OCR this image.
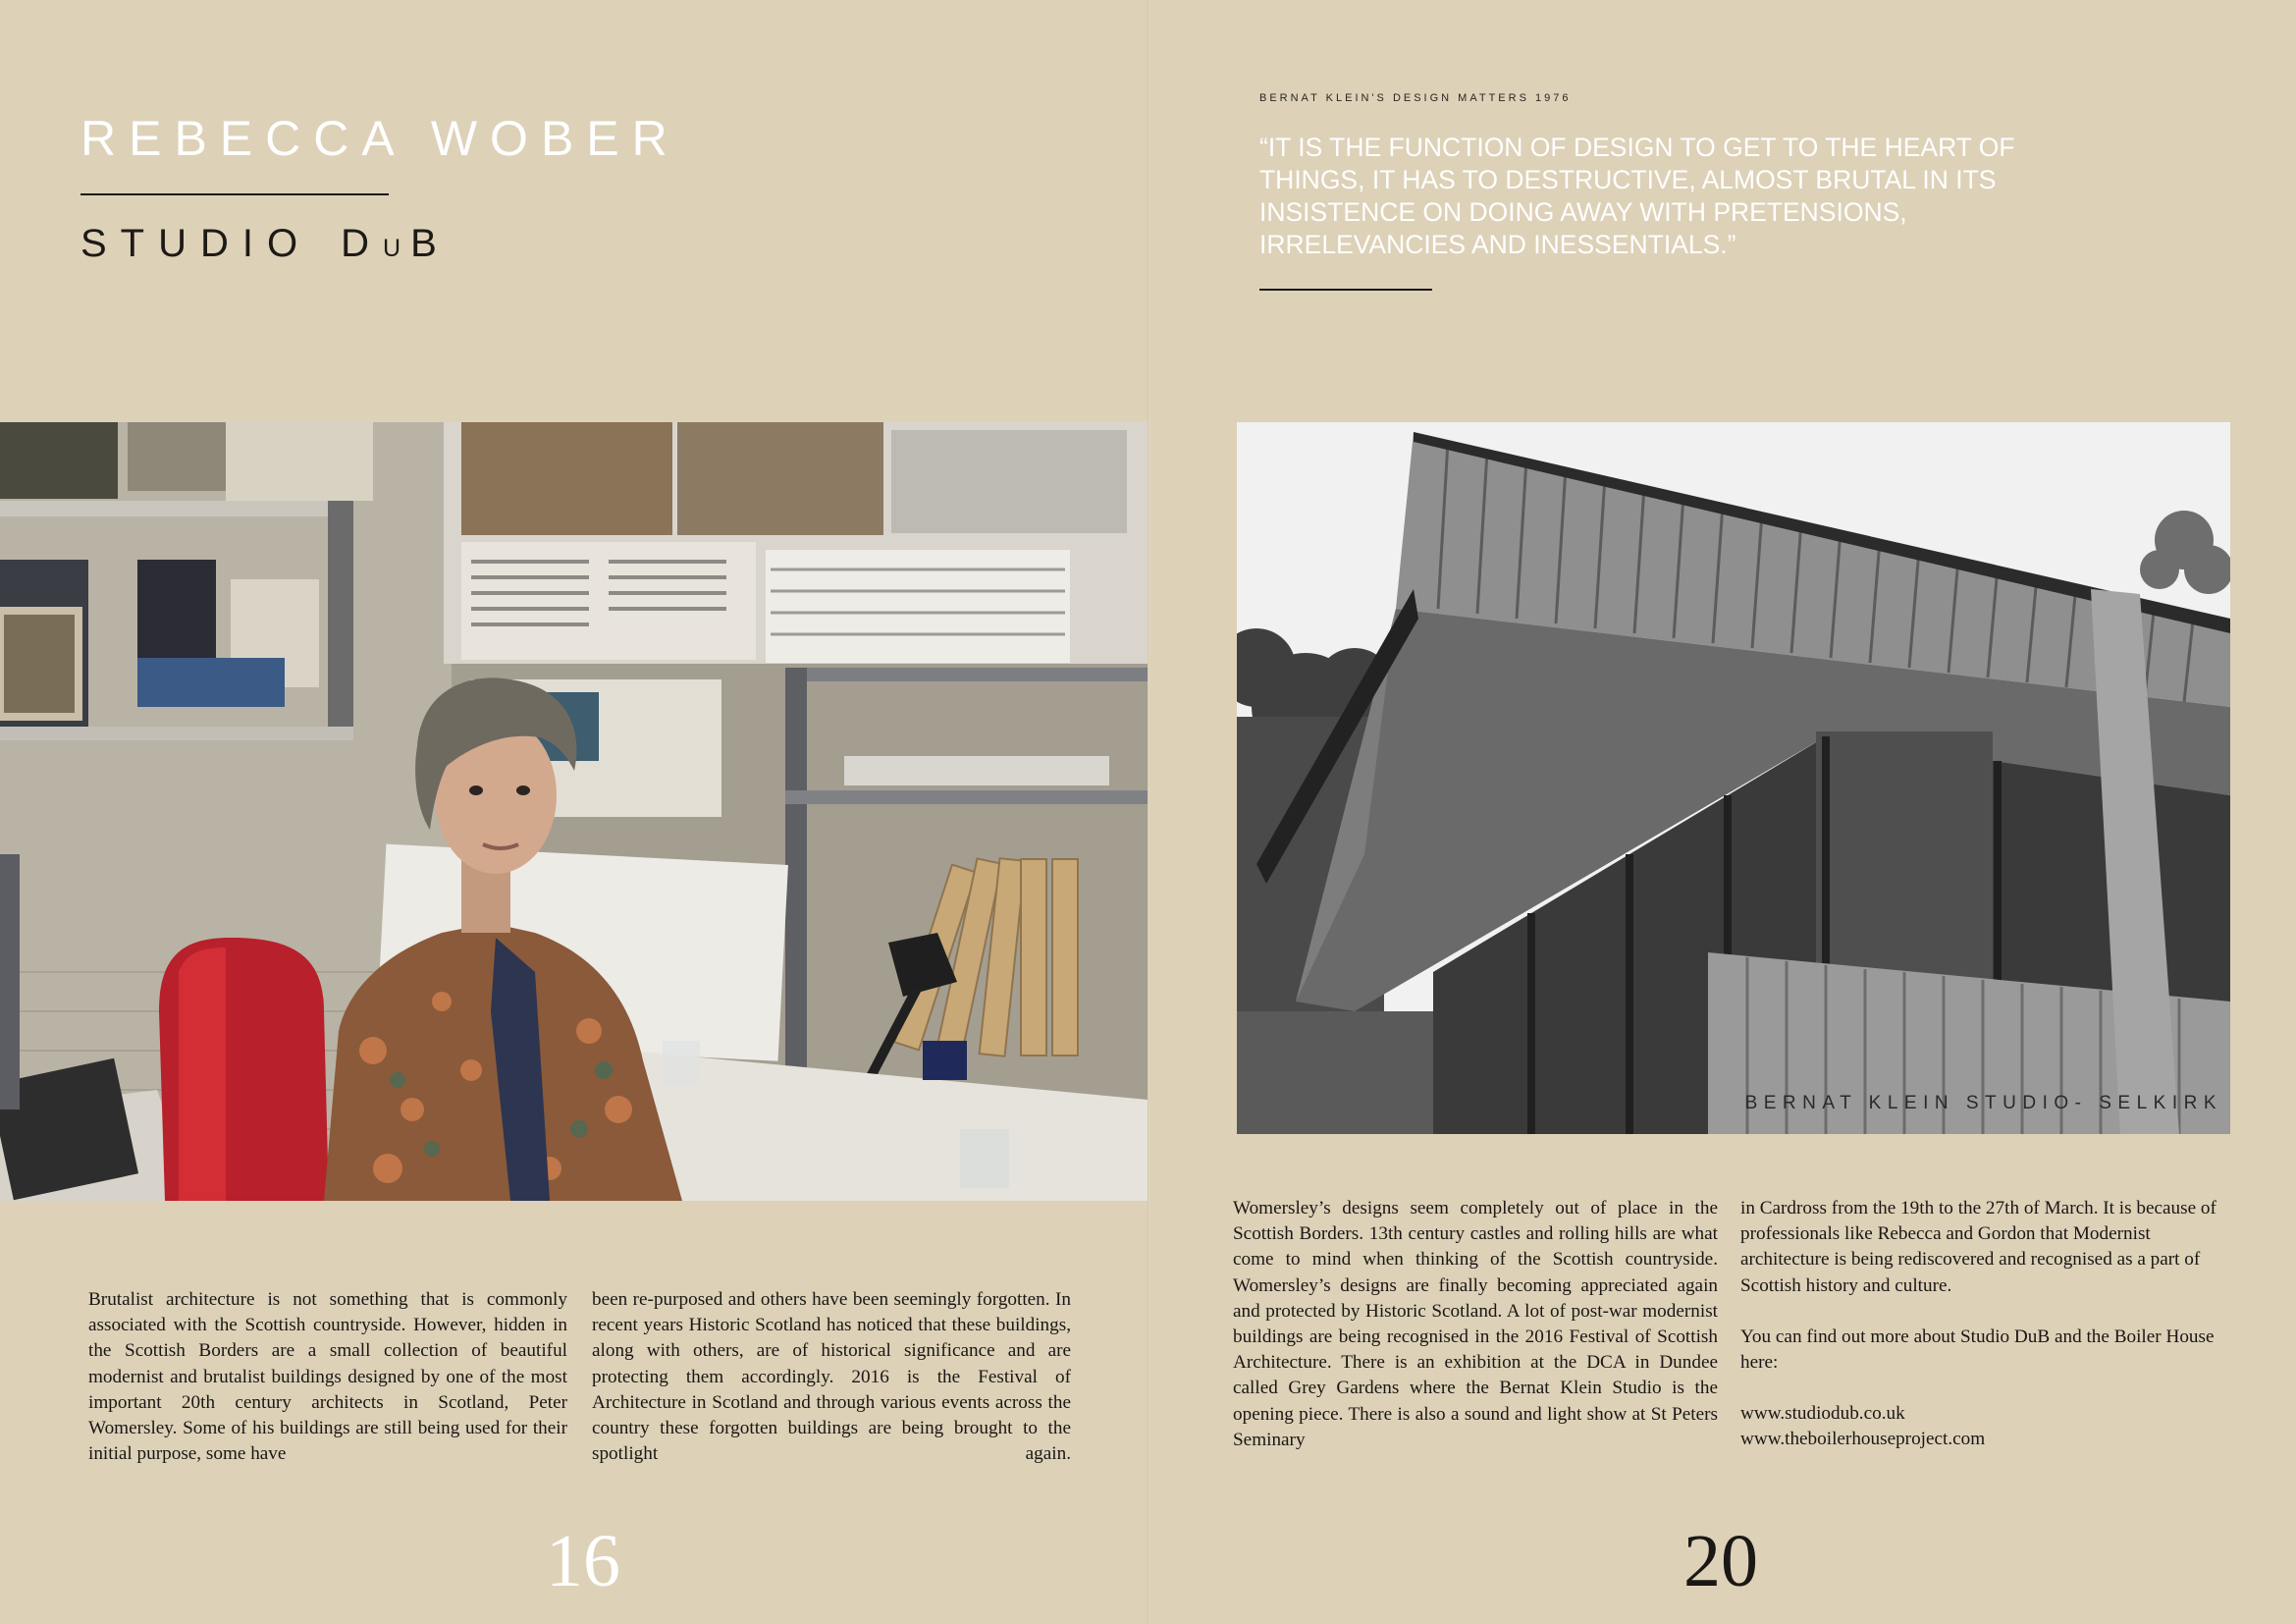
REBECCA WOBER
STUDIO DUB
Brutalist architecture is not something that is commonly associated with the Scottish countryside. However, hidden in the Scottish Borders are a small collection of beautiful modernist and brutalist buildings designed by one of the most important 20th century architects in Scotland, Peter Womersley. Some of his buildings are still being used for their initial purpose, some have
been re-purposed and others have been seemingly forgotten. In recent years Historic Scotland has noticed that these buildings, along with others, are of historical significance and are protecting them accordingly. 2016 is the Festival of Architecture in Scotland and through various events across the country these forgotten buildings are being brought to the spotlight again.
16
BERNAT KLEIN'S DESIGN MATTERS 1976

“IT IS THE FUNCTION OF DESIGN TO GET TO THE HEART OF THINGS, IT HAS TO DESTRUCTIVE, ALMOST BRUTAL IN ITS INSISTENCE ON DOING AWAY WITH PRETENSIONS, IRRELEVANCIES AND INESSENTIALS.”

BERNAT KLEIN STUDIO- SELKIRK

Womersley’s designs seem completely out of place in the Scottish Borders. 13th century castles and rolling hills are what come to mind when thinking of the Scottish countryside. Womersley’s designs are finally becoming appreciated again and protected by Historic Scotland. A lot of post-war modernist buildings are being recognised in the 2016 Festival of Scottish Architecture. There is an exhibition at the DCA in Dundee called Grey Gardens where the Bernat Klein Studio is the opening piece. There is also a sound and light show at St Peters Seminary

in Cardross from the 19th to the 27th of March. It is because of professionals like Rebecca and Gordon that Modernist architecture is being rediscovered and recognised as a part of Scottish history and culture.

You can find out more about Studio DuB and the Boiler House here:

www.studiodub.co.uk

www.theboilerhouseproject.com

20
